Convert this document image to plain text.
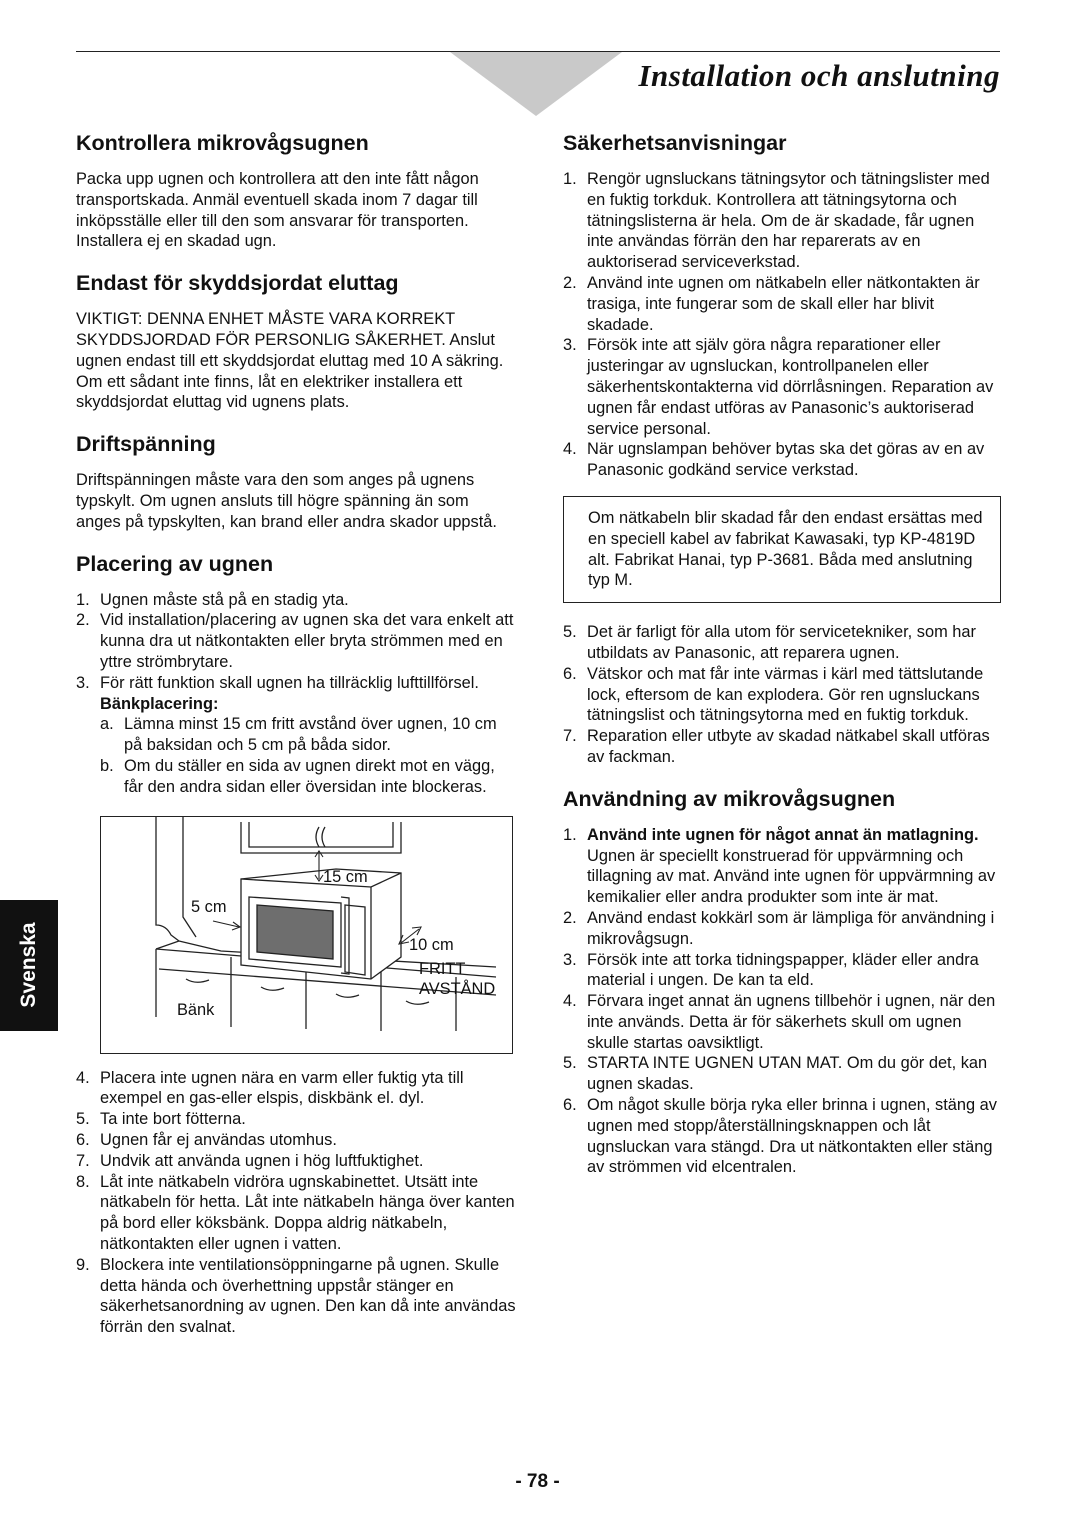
Installation och anslutning
Kontrollera mikrovågsugnen

Packa upp ugnen och kontrollera att den inte fått någon transportskada. Anmäl eventuell skada inom 7 dagar till inköpsställe eller till den som ansvarar för transporten. Installera ej en skadad ugn.

Endast för skyddsjordat eluttag

VIKTIGT: DENNA ENHET MÅSTE VARA KORREKT SKYDDSJORDAD FÖR PERSONLIG SÅKERHET. Anslut ugnen endast till ett skyddsjordat eluttag med 10 A säkring. Om ett sådant inte finns, låt en elektriker installera ett skyddsjordat eluttag vid ugnens plats.

Driftspänning

Driftspänningen måste vara den som anges på ugnens typskylt. Om ugnen ansluts till högre spänning än som anges på typskylten, kan brand eller andra skador uppstå.

Placering av ugnen
1. Ugnen måste stå på en stadig yta.
2. Vid installation/placering av ugnen ska det vara enkelt att kunna dra ut nätkontakten eller bryta strömmen med en yttre strömbrytare.
3. För rätt funktion skall ugnen ha tillräcklig lufttillförsel.
Bänkplacering:
a. Lämna minst 15 cm fritt avstånd över ugnen, 10 cm på baksidan och 5 cm på båda sidor.
b. Om du ställer en sida av ugnen direkt mot en vägg, får den andra sidan eller översidan inte blockeras.
15 cm
5 cm
10 cm
FRITT
AVSTÅND
Bänk
4. Placera inte ugnen nära en varm eller fuktig yta till exempel en gas-eller elspis, diskbänk el. dyl.
5. Ta inte bort fötterna.
6. Ugnen får ej användas utomhus.
7. Undvik att använda ugnen i hög luftfuktighet.
8. Låt inte nätkabeln vidröra ugnskabinettet. Utsätt inte nätkabeln för hetta. Låt inte nätkabeln hänga över kanten på bord eller köksbänk. Doppa aldrig nätkabeln, nätkontakten eller ugnen i vatten.
9. Blockera inte ventilationsöppningarne på ugnen. Skulle detta hända och överhettning uppstår stänger en säkerhetsanordning av ugnen. Den kan då inte användas förrän den svalnat.
Säkerhetsanvisningar
1. Rengör ugnsluckans tätningsytor och tätningslister med en fuktig torkduk. Kontrollera att tätningsytorna och tätningslisterna är hela. Om de är skadade, får ugnen inte användas förrän den har reparerats av en auktoriserad serviceverkstad.
2. Använd inte ugnen om nätkabeln eller nätkontakten är trasiga, inte fungerar som de skall eller har blivit skadade.
3. Försök inte att själv göra några reparationer eller justeringar av ugnsluckan, kontrollpanelen eller säkerhentskontakterna vid dörrlåsningen. Reparation av ugnen får endast utföras av Panasonic’s auktoriserad service personal.
4. När ugnslampan behöver bytas ska det göras av en av Panasonic godkänd service verkstad.
Om nätkabeln blir skadad får den endast ersättas med en speciell kabel av fabrikat Kawasaki, typ KP-4819D alt. Fabrikat Hanai, typ P-3681. Båda med anslutning typ M.
5. Det är farligt för alla utom för servicetekniker, som har utbildats av Panasonic, att reparera ugnen.
6. Vätskor och mat får inte värmas i kärl med tättslutande lock, eftersom de kan explodera. Gör ren ugnsluckans tätningslist och tätningsytorna med en fuktig torkduk.
7. Reparation eller utbyte av skadad nätkabel skall utföras av fackman.
Användning av mikrovågsugnen
1. Använd inte ugnen för något annat än matlagning. Ugnen är speciellt konstruerad för uppvärmning och tillagning av mat. Använd inte ugnen för uppvärmning av kemikalier eller andra produkter som inte är mat.
2. Använd endast kokkärl som är lämpliga för användning i mikrovågsugn.
3. Försök inte att torka tidningspapper, kläder eller andra material i ungen. De kan ta eld.
4. Förvara inget annat än ugnens tillbehör i ugnen, när den inte används. Detta är för säkerhets skull om ugnen skulle startas oavsiktligt.
5. STARTA INTE UGNEN UTAN MAT. Om du gör det, kan ugnen skadas.
6. Om något skulle börja ryka eller brinna i ugnen, stäng av ugnen med stopp/återställningsknappen och låt ugnsluckan vara stängd. Dra ut nätkontakten eller stäng av strömmen vid elcentralen.
Svenska
- 78 -
